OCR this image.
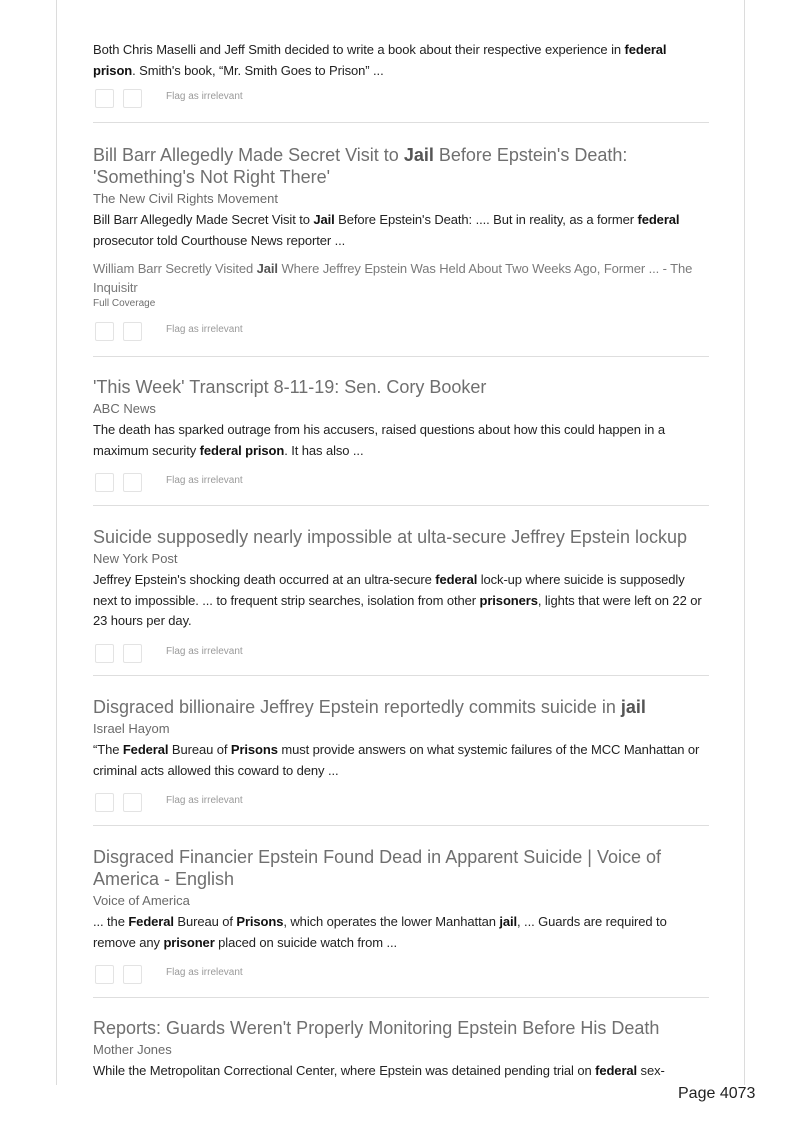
Both Chris Maselli and Jeff Smith decided to write a book about their respective experience in federal prison. Smith's book, “Mr. Smith Goes to Prison” ...
Flag as irrelevant
Bill Barr Allegedly Made Secret Visit to Jail Before Epstein's Death: 'Something's Not Right There'
The New Civil Rights Movement
Bill Barr Allegedly Made Secret Visit to Jail Before Epstein's Death: .... But in reality, as a former federal prosecutor told Courthouse News reporter ...
William Barr Secretly Visited Jail Where Jeffrey Epstein Was Held About Two Weeks Ago, Former ... - The Inquisitr
Full Coverage
Flag as irrelevant
'This Week' Transcript 8-11-19: Sen. Cory Booker
ABC News
The death has sparked outrage from his accusers, raised questions about how this could happen in a maximum security federal prison. It has also ...
Flag as irrelevant
Suicide supposedly nearly impossible at ulta-secure Jeffrey Epstein lockup
New York Post
Jeffrey Epstein's shocking death occurred at an ultra-secure federal lock-up where suicide is supposedly next to impossible. ... to frequent strip searches, isolation from other prisoners, lights that were left on 22 or 23 hours per day.
Flag as irrelevant
Disgraced billionaire Jeffrey Epstein reportedly commits suicide in jail
Israel Hayom
“The Federal Bureau of Prisons must provide answers on what systemic failures of the MCC Manhattan or criminal acts allowed this coward to deny ...
Flag as irrelevant
Disgraced Financier Epstein Found Dead in Apparent Suicide | Voice of America - English
Voice of America
... the Federal Bureau of Prisons, which operates the lower Manhattan jail, ... Guards are required to remove any prisoner placed on suicide watch from ...
Flag as irrelevant
Reports: Guards Weren't Properly Monitoring Epstein Before His Death
Mother Jones
While the Metropolitan Correctional Center, where Epstein was detained pending trial on federal sex-
Page 4073
